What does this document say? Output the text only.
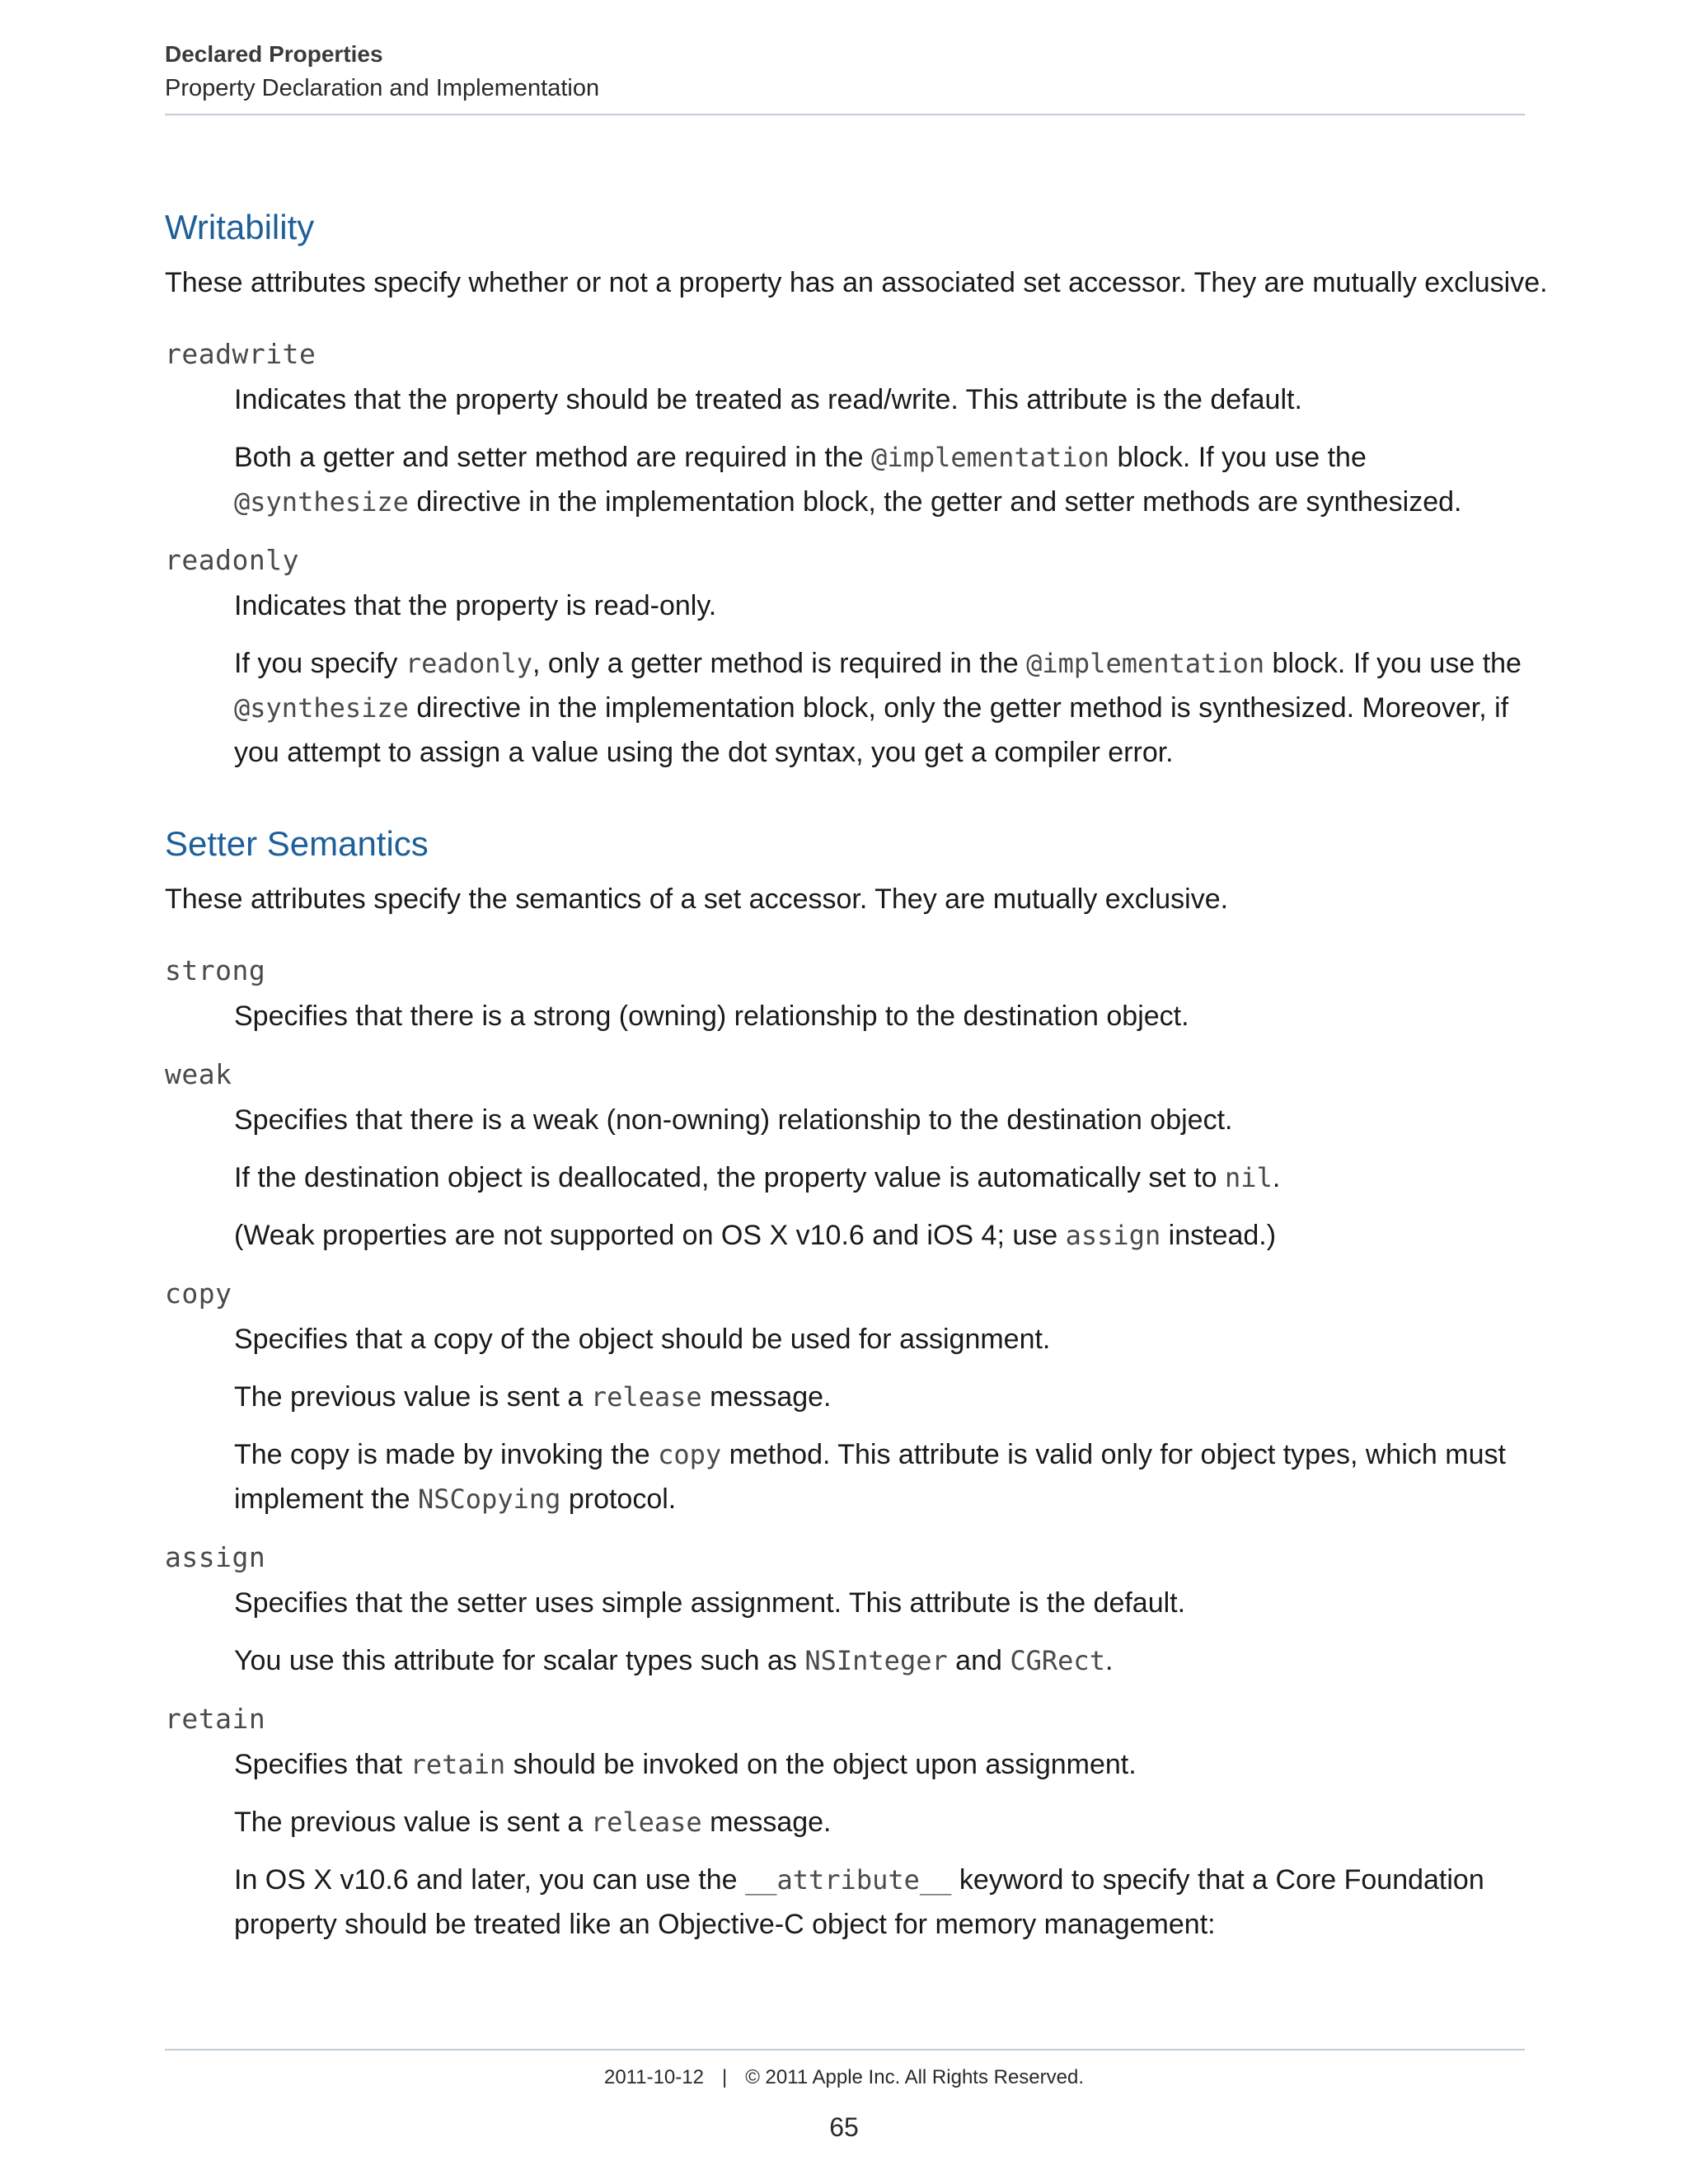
Declared Properties
Property Declaration and Implementation
Writability

These attributes specify whether or not a property has an associated set accessor. They are mutually exclusive.

readwrite

Indicates that the property should be treated as read/write. This attribute is the default.

Both a getter and setter method are required in the @implementation block. If you use the @synthesize directive in the implementation block, the getter and setter methods are synthesized.

readonly

Indicates that the property is read-only.

If you specify readonly, only a getter method is required in the @implementation block. If you use the @synthesize directive in the implementation block, only the getter method is synthesized. Moreover, if you attempt to assign a value using the dot syntax, you get a compiler error.

Setter Semantics

These attributes specify the semantics of a set accessor. They are mutually exclusive.

strong

Specifies that there is a strong (owning) relationship to the destination object.

weak

Specifies that there is a weak (non-owning) relationship to the destination object.

If the destination object is deallocated, the property value is automatically set to nil.

(Weak properties are not supported on OS X v10.6 and iOS 4; use assign instead.)

copy

Specifies that a copy of the object should be used for assignment.

The previous value is sent a release message.

The copy is made by invoking the copy method. This attribute is valid only for object types, which must implement the NSCopying protocol.

assign

Specifies that the setter uses simple assignment. This attribute is the default.

You use this attribute for scalar types such as NSInteger and CGRect.

retain

Specifies that retain should be invoked on the object upon assignment.

The previous value is sent a release message.

In OS X v10.6 and later, you can use the __attribute__ keyword to specify that a Core Foundation property should be treated like an Objective-C object for memory management:

2011-10-12 | © 2011 Apple Inc. All Rights Reserved.
65
